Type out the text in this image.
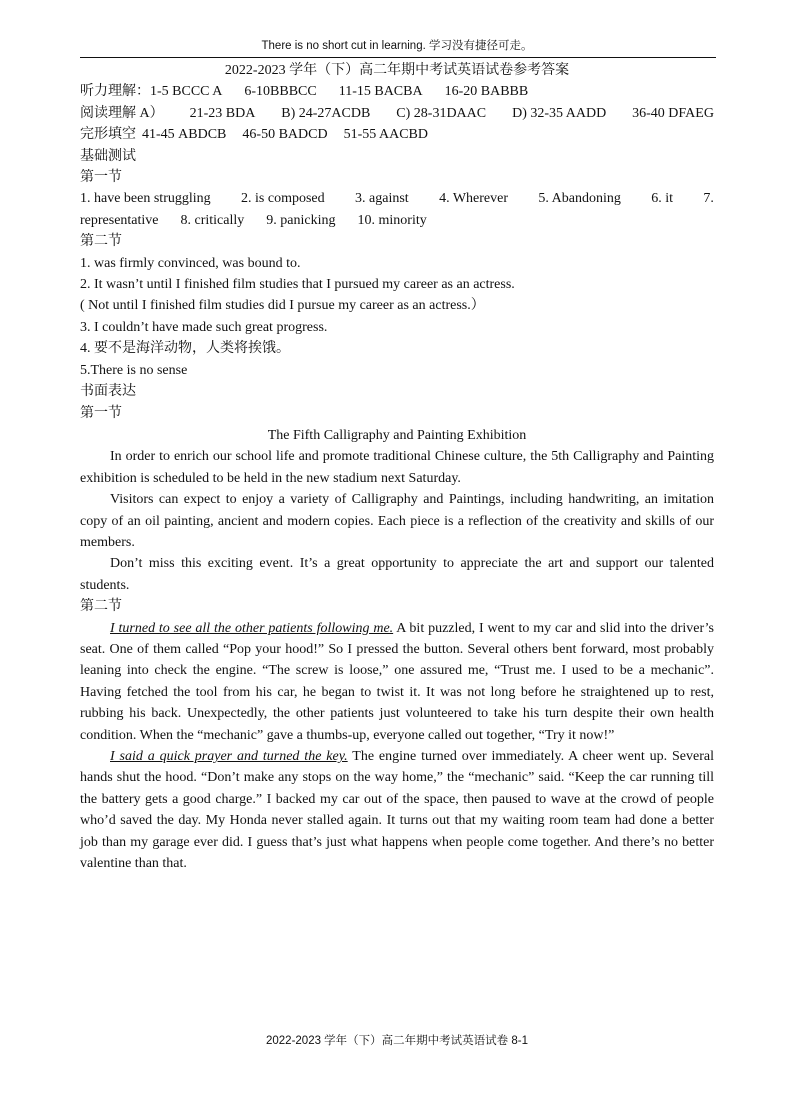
There is no short cut in learning. 学习没有捷径可走。
2022-2023 学年（下）高二年期中考试英语试卷参考答案
听力理解：1-5 BCCC A 6-10BBBCC 11-15 BACBA 16-20 BABBB
阅读理解 A） 21-23 BDA B) 24-27ACDB C) 28-31DAAC D) 32-35 AADD 36-40 DFAEG
完形填空 41-45 ABDCB 46-50 BADCD 51-55 AACBD
基础测试
第一节
1. have been struggling 2. is composed 3. against 4. Wherever 5. Abandoning 6. it 7.
representative 8. critically 9. panicking 10. minority
第二节
1. was firmly convinced, was bound to.
2. It wasn’t until I finished film studies that I pursued my career as an actress.
( Not until I finished film studies did I pursue my career as an actress.）
3. I couldn’t have made such great progress.
4. 要不是海洋动物，人类将挨饿。
5.There is no sense
书面表达
第一节
The Fifth Calligraphy and Painting Exhibition

In order to enrich our school life and promote traditional Chinese culture, the 5th Calligraphy and Painting exhibition is scheduled to be held in the new stadium next Saturday.

Visitors can expect to enjoy a variety of Calligraphy and Paintings, including handwriting, an imitation copy of an oil painting, ancient and modern copies. Each piece is a reflection of the creativity and skills of our members.

Don’t miss this exciting event. It’s a great opportunity to appreciate the art and support our talented students.

第二节

I turned to see all the other patients following me. A bit puzzled, I went to my car and slid into the driver’s seat. One of them called “Pop your hood!” So I pressed the button. Several others bent forward, most probably leaning into check the engine. “The screw is loose,” one assured me, “Trust me. I used to be a mechanic”. Having fetched the tool from his car, he began to twist it. It was not long before he straightened up to rest, rubbing his back. Unexpectedly, the other patients just volunteered to take his turn despite their own health condition. When the “mechanic” gave a thumbs-up, everyone called out together, “Try it now!”

I said a quick prayer and turned the key. The engine turned over immediately. A cheer went up. Several hands shut the hood. “Don’t make any stops on the way home,” the “mechanic” said. “Keep the car running till the battery gets a good charge.” I backed my car out of the space, then paused to wave at the crowd of people who’d saved the day. My Honda never stalled again. It turns out that my waiting room team had done a better job than my garage ever did. I guess that’s just what happens when people come together. And there’s no better valentine than that.

2022-2023 学年（下）高二年期中考试英语试卷 8-1
